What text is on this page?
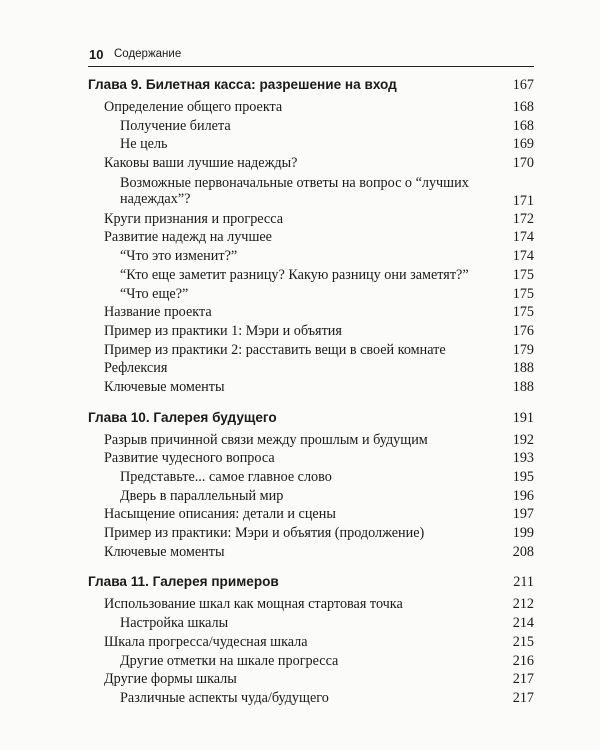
10 Содержание
Глава 9. Билетная касса: разрешение на вход	167
Определение общего проекта	168
Получение билета	168
Не цель	169
Каковы ваши лучшие надежды?	170
Возможные первоначальные ответы на вопрос о “лучших надеждах”?	171
Круги признания и прогресса	172
Развитие надежд на лучшее	174
“Что это изменит?”	174
“Кто еще заметит разницу? Какую разницу они заметят?”	175
“Что еще?”	175
Название проекта	175
Пример из практики 1: Мэри и объятия	176
Пример из практики 2: расставить вещи в своей комнате	179
Рефлексия	188
Ключевые моменты	188
Глава 10. Галерея будущего	191
Разрыв причинной связи между прошлым и будущим	192
Развитие чудесного вопроса	193
Представьте... самое главное слово	195
Дверь в параллельный мир	196
Насыщение описания: детали и сцены	197
Пример из практики: Мэри и объятия (продолжение)	199
Ключевые моменты	208
Глава 11. Галерея примеров	211
Использование шкал как мощная стартовая точка	212
Настройка шкалы	214
Шкала прогресса/чудесная шкала	215
Другие отметки на шкале прогресса	216
Другие формы шкалы	217
Различные аспекты чуда/будущего	217
